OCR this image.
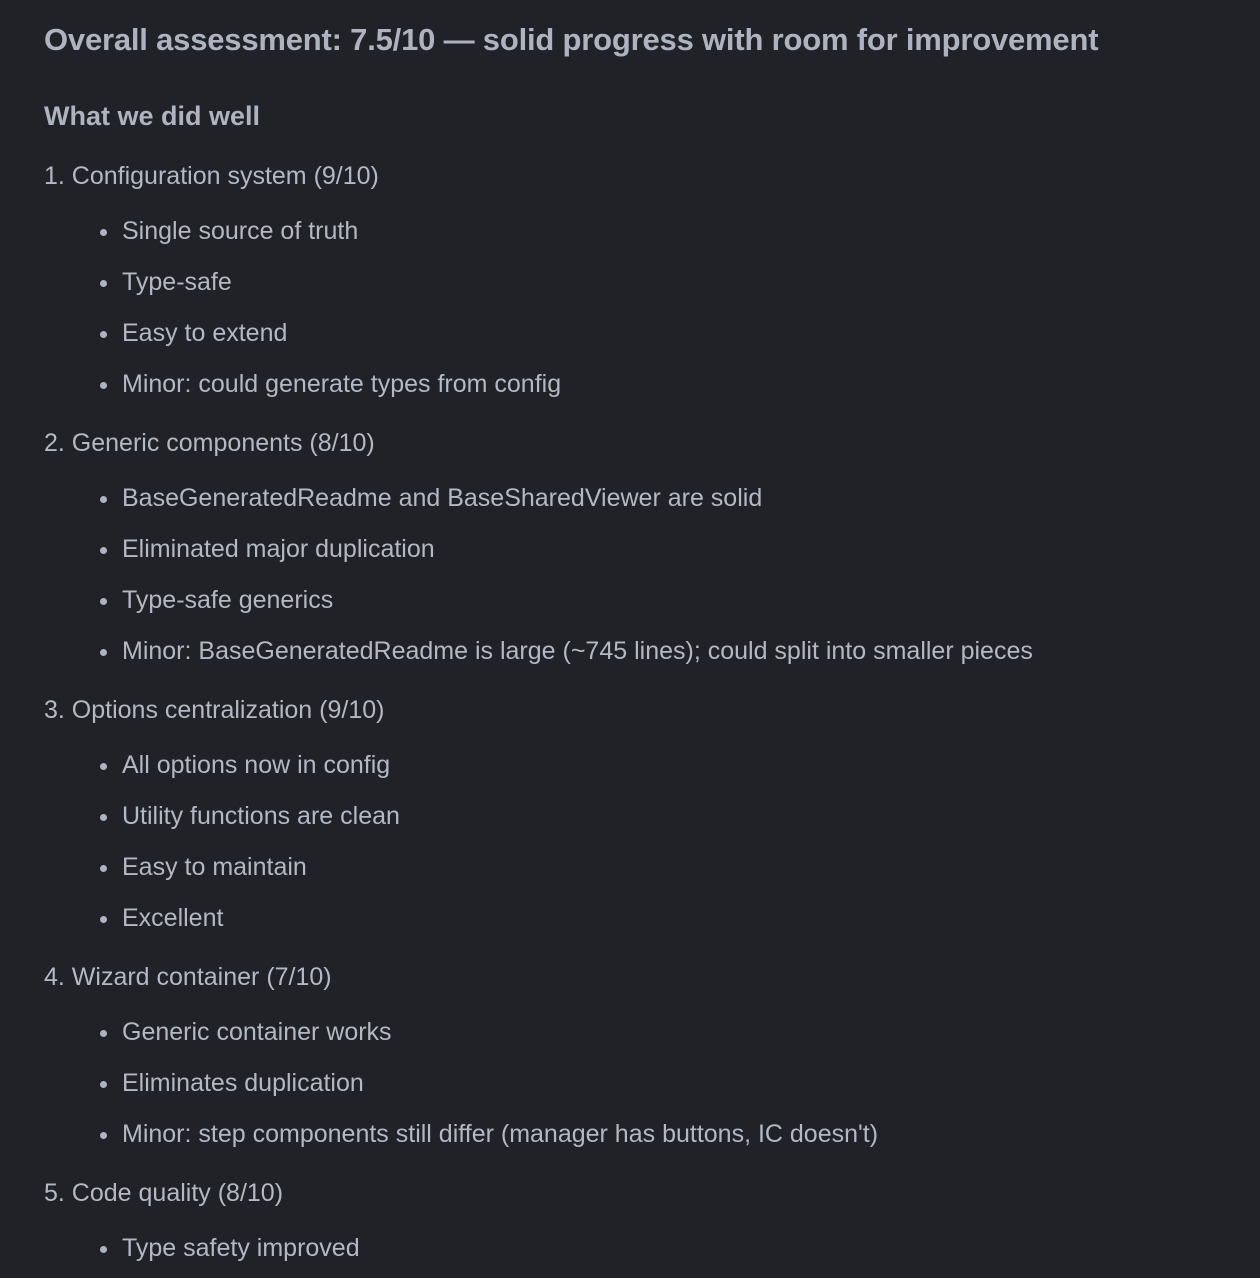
Overall assessment: 7.5/10 — solid progress with room for improvement
What we did well
1. Configuration system (9/10)
Single source of truth
Type-safe
Easy to extend
Minor: could generate types from config
2. Generic components (8/10)
BaseGeneratedReadme and BaseSharedViewer are solid
Eliminated major duplication
Type-safe generics
Minor: BaseGeneratedReadme is large (~745 lines); could split into smaller pieces
3. Options centralization (9/10)
All options now in config
Utility functions are clean
Easy to maintain
Excellent
4. Wizard container (7/10)
Generic container works
Eliminates duplication
Minor: step components still differ (manager has buttons, IC doesn't)
5. Code quality (8/10)
Type safety improved
